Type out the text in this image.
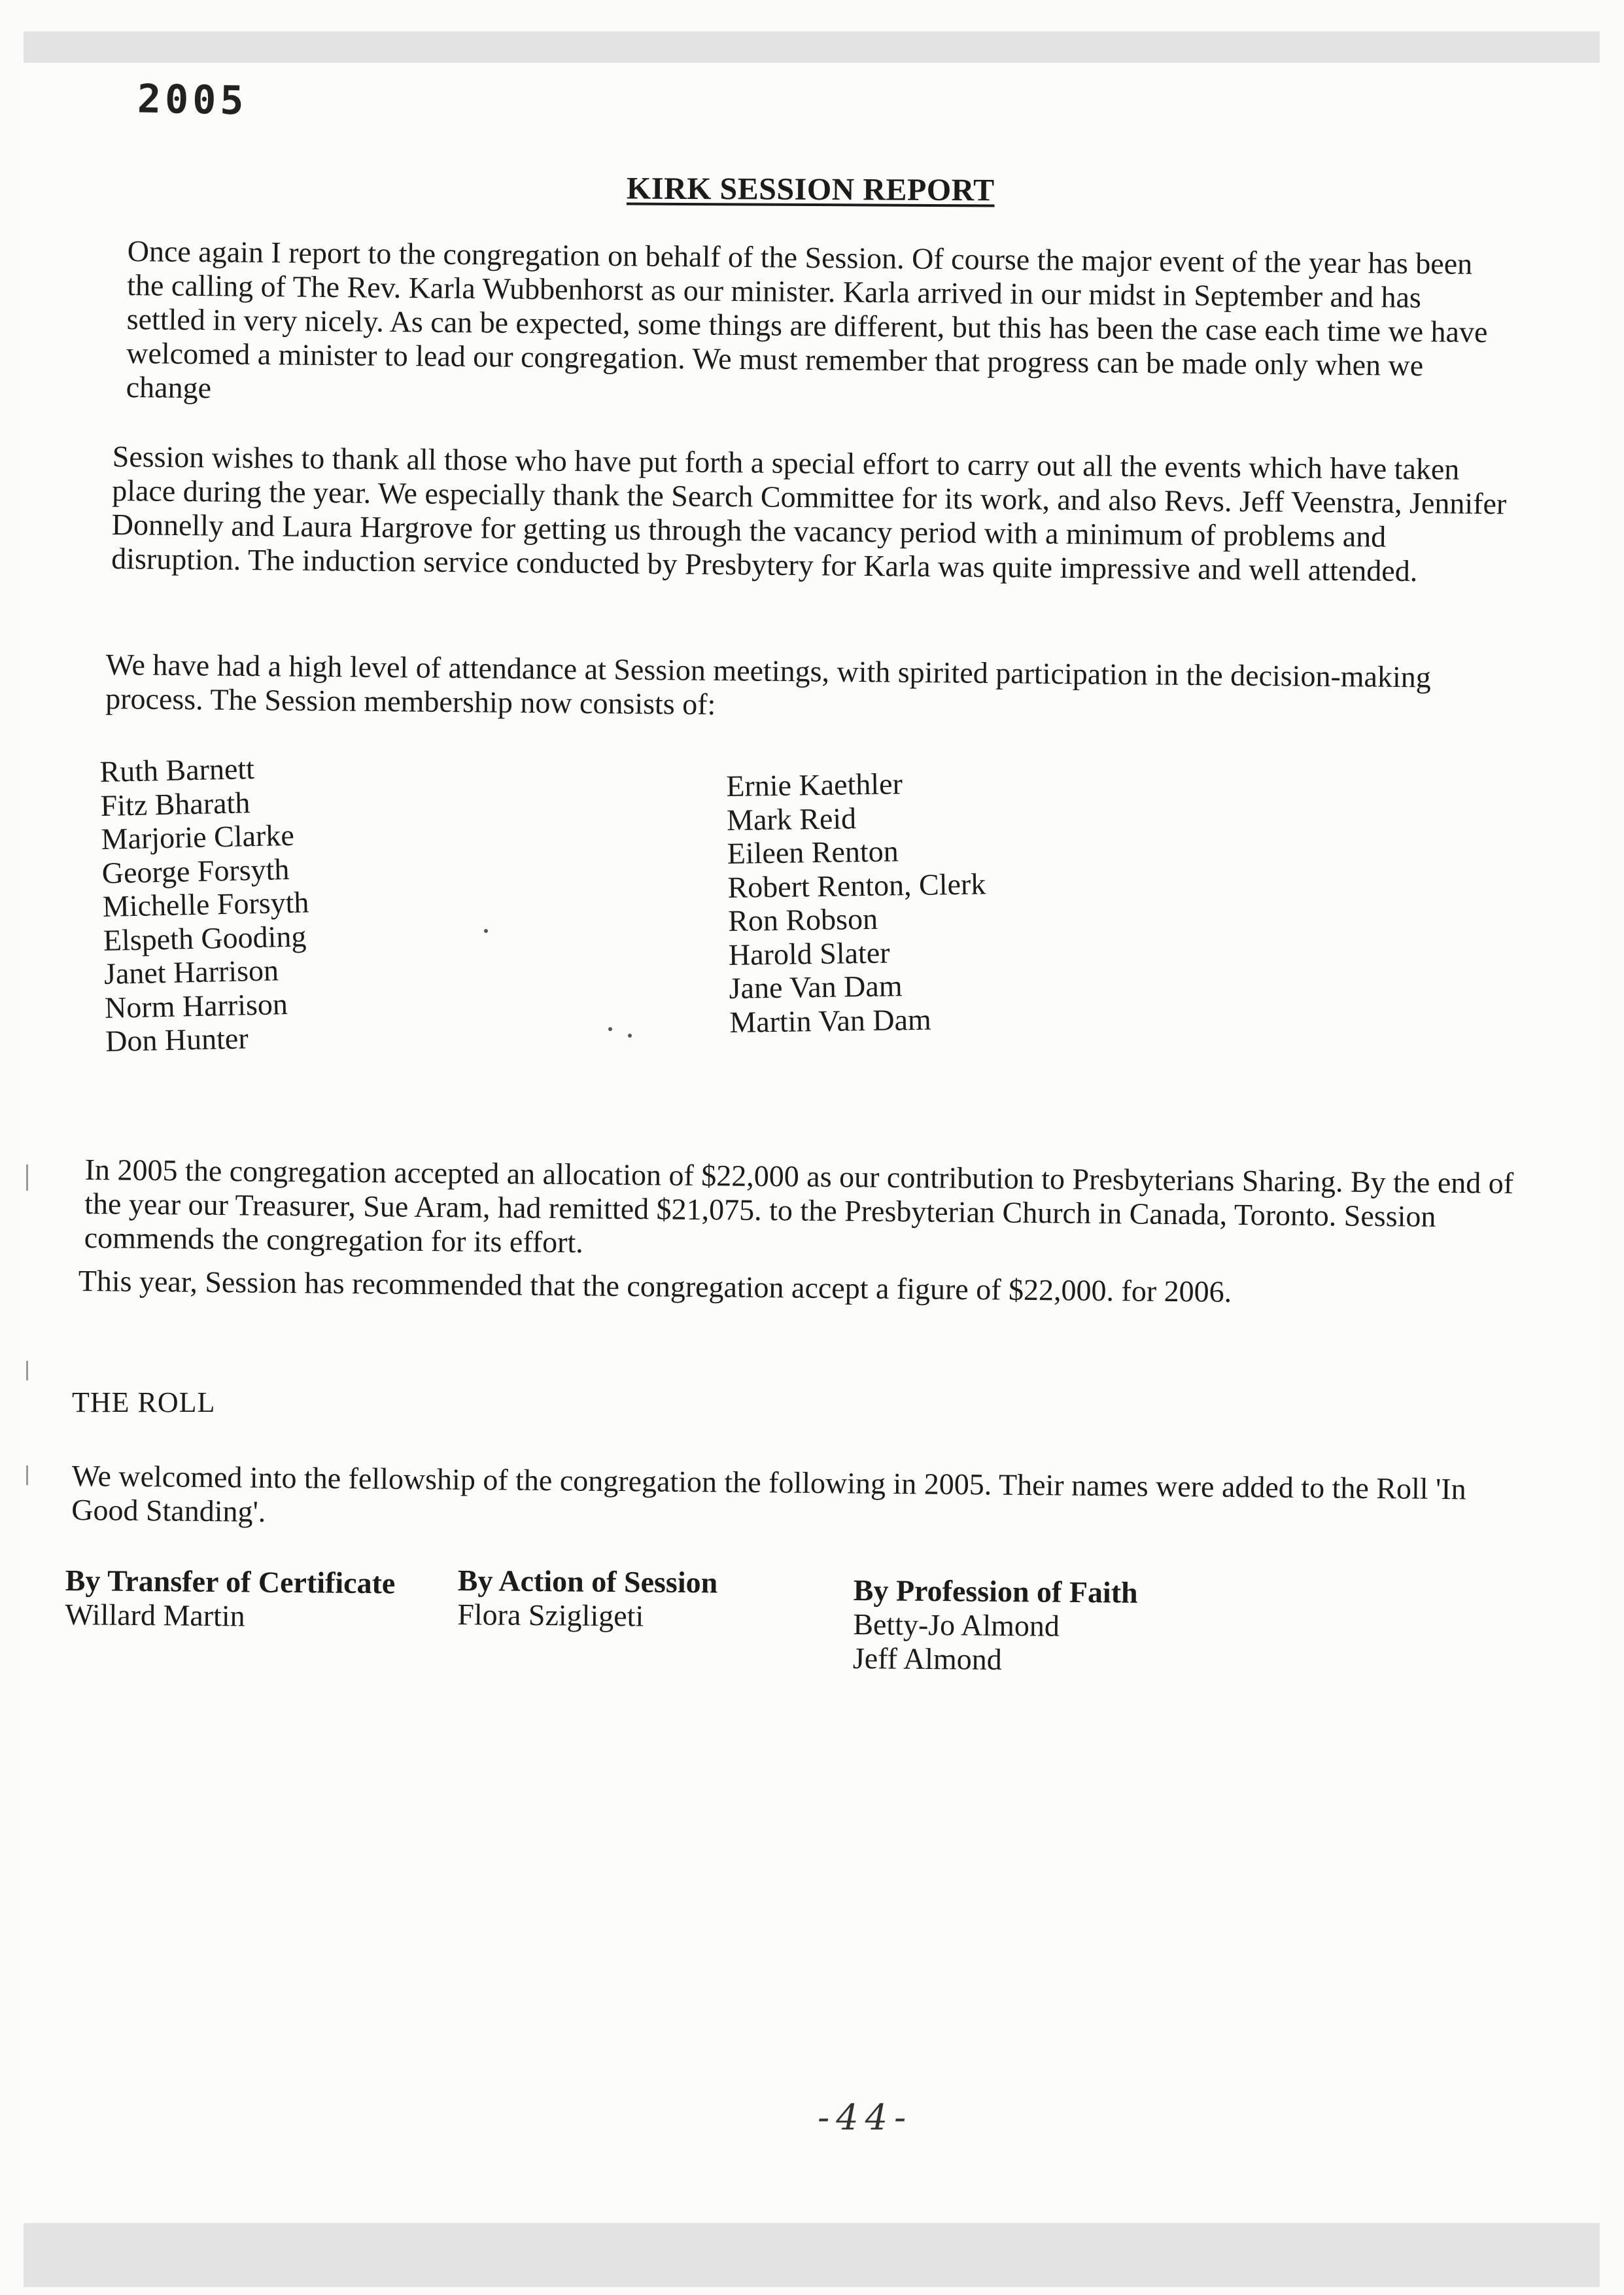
2005
KIRK SESSION REPORT

Once again I report to the congregation on behalf of the Session. Of course the major event of the year has been the calling of The Rev. Karla Wubbenhorst as our minister. Karla arrived in our midst in September and has settled in very nicely. As can be expected, some things are different, but this has been the case each time we have welcomed a minister to lead our congregation. We must remember that progress can be made only when we change

Session wishes to thank all those who have put forth a special effort to carry out all the events which have taken place during the year. We especially thank the Search Committee for its work, and also Revs. Jeff Veenstra, Jennifer Donnelly and Laura Hargrove for getting us through the vacancy period with a minimum of problems and disruption. The induction service conducted by Presbytery for Karla was quite impressive and well attended.

We have had a high level of attendance at Session meetings, with spirited participation in the decision-making process. The Session membership now consists of:

Ruth Barnett
Fitz Bharath
Marjorie Clarke
George Forsyth
Michelle Forsyth
Elspeth Gooding
Janet Harrison
Norm Harrison
Don Hunter
Ernie Kaethler
Mark Reid
Eileen Renton
Robert Renton, Clerk
Ron Robson
Harold Slater
Jane Van Dam
Martin Van Dam

In 2005 the congregation accepted an allocation of $22,000 as our contribution to Presbyterians Sharing. By the end of the year our Treasurer, Sue Aram, had remitted $21,075. to the Presbyterian Church in Canada, Toronto. Session commends the congregation for its effort.

This year, Session has recommended that the congregation accept a figure of $22,000. for 2006.

THE ROLL

We welcomed into the fellowship of the congregation the following in 2005. Their names were added to the Roll 'In Good Standing'.

By Transfer of Certificate
Willard Martin
By Action of Session
Flora Szigligeti
By Profession of Faith
Betty-Jo Almond
Jeff Almond
-44-
